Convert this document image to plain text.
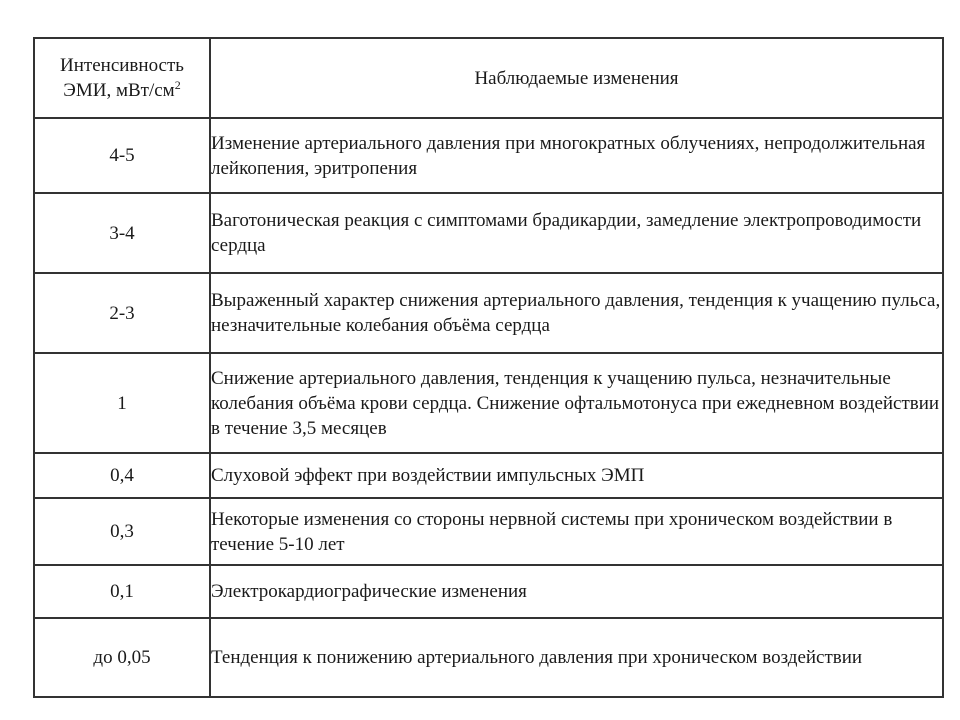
Интенсивность
ЭМИ, мВт/$см^2$	Наблюдаемые изменения
4-5	Изменение артериального давления при многократных облучениях, непродолжительная лейкопения, эритропения
3-4	Ваготоническая реакция с симптомами брадикардии, замедление электропроводимости сердца
2-3	Выраженный характер снижения артериального давления, тенденция к учащению пульса, незначительные колебания объёма сердца
1	Снижение артериального давления, тенденция к учащению пульса, незначительные колебания объёма крови сердца. Снижение офтальмотонуса при ежедневном воздействии в течение 3,5 месяцев
0,4	Слуховой эффект при воздействии импульсных ЭМП
0,3	Некоторые изменения со стороны нервной системы при хроническом воздействии в течение 5-10 лет
0,1	Электрокардиографические изменения
до 0,05	Тенденция к понижению артериального давления при хроническом воздействии
